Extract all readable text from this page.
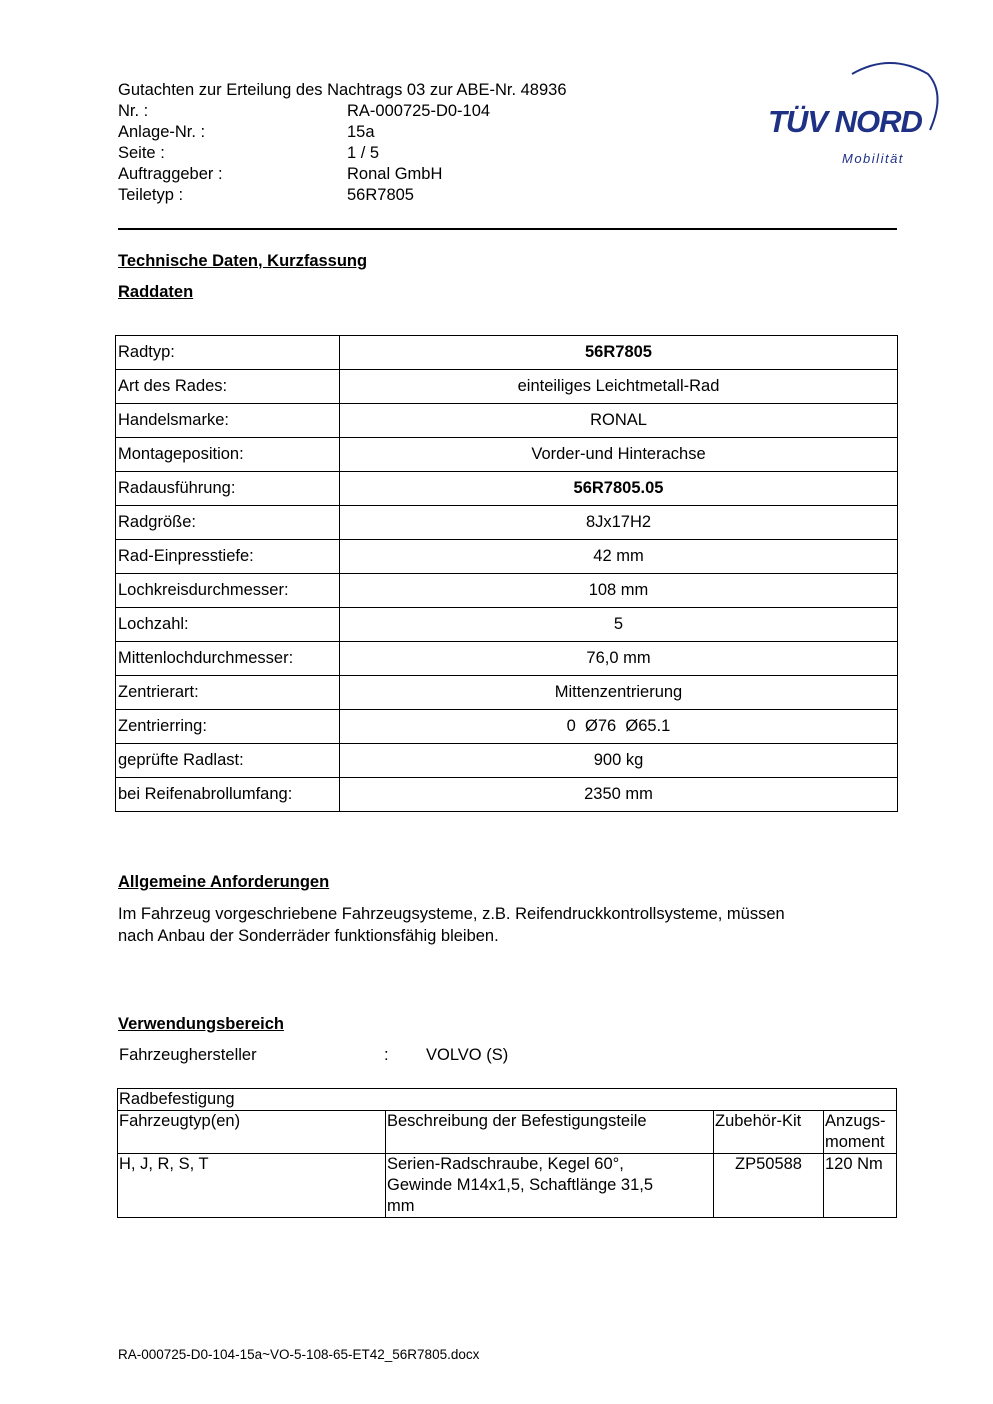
Gutachten zur Erteilung des Nachtrags 03 zur ABE-Nr. 48936
Nr. :	RA-000725-D0-104
Anlage-Nr. :	15a
Seite :	1 / 5
Auftraggeber :	Ronal GmbH
Teiletyp :	56R7805
TÜV NORD
Mobilität
Technische Daten, Kurzfassung
Raddaten
Radtyp:	56R7805
Art des Rades:	einteiliges Leichtmetall-Rad
Handelsmarke:	RONAL
Montageposition:	Vorder-und Hinterachse
Radausführung:	56R7805.05
Radgröße:	8Jx17H2
Rad-Einpresstiefe:	42 mm
Lochkreisdurchmesser:	108 mm
Lochzahl:	5
Mittenlochdurchmesser:	76,0 mm
Zentrierart:	Mittenzentrierung
Zentrierring:	0  Ø76  Ø65.1
geprüfte Radlast:	900 kg
bei Reifenabrollumfang:	2350 mm
Allgemeine Anforderungen
Im Fahrzeug vorgeschriebene Fahrzeugsysteme, z.B. Reifendruckkontrollsysteme, müssen
nach Anbau der Sonderräder funktionsfähig bleiben.
Verwendungsbereich
Fahrzeughersteller	: VOLVO (S)
Radbefestigung			
Fahrzeugtyp(en)	Beschreibung der Befestigungsteile	Zubehör-Kit	Anzugs-
moment

H, J, R, S, T	Serien-Radschraube, Kegel 60°,
Gewinde M14x1,5, Schaftlänge 31,5
mm	ZP50588	120 Nm
RA-000725-D0-104-15a~VO-5-108-65-ET42_56R7805.docx
